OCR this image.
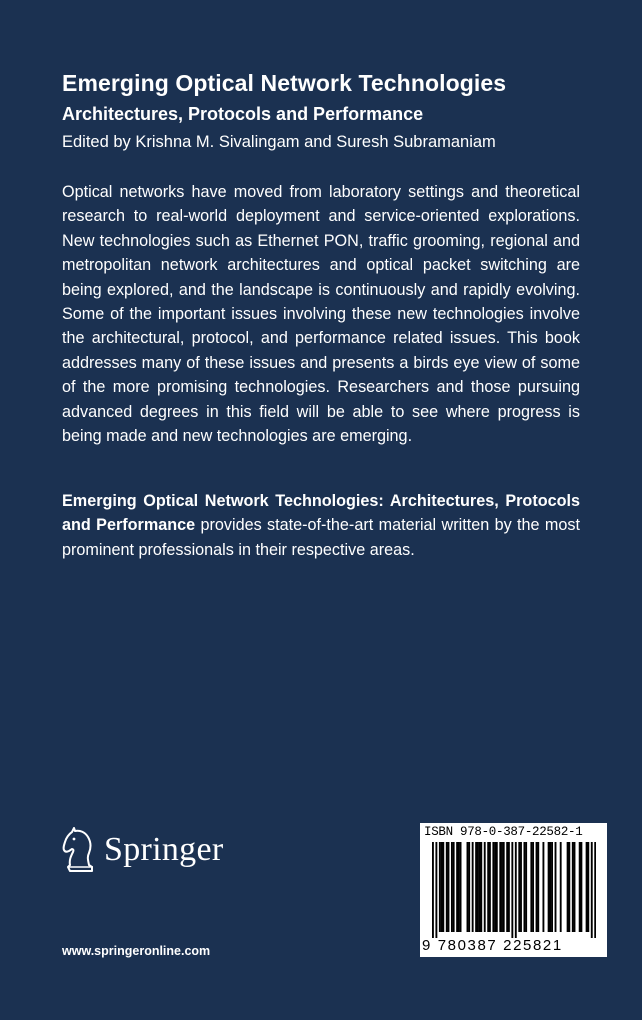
Emerging Optical Network Technologies
Architectures, Protocols and Performance
Edited by Krishna M. Sivalingam and Suresh Subramaniam

Optical networks have moved from laboratory settings and theoretical research to real-world deployment and service-oriented explorations. New technologies such as Ethernet PON, traffic grooming, regional and metropolitan network architectures and optical packet switching are being explored, and the landscape is continuously and rapidly evolving. Some of the important issues involving these new technologies involve the architectural, protocol, and performance related issues. This book addresses many of these issues and presents a birds eye view of some of the more promising technologies. Researchers and those pursuing advanced degrees in this field will be able to see where progress is being made and new technologies are emerging.

Emerging Optical Network Technologies: Architectures, Protocols and Performance provides state-of-the-art material written by the most prominent professionals in their respective areas.

Springer
www.springeronline.com
ISBN 978-0-387-22582-1
9 780387 225821
